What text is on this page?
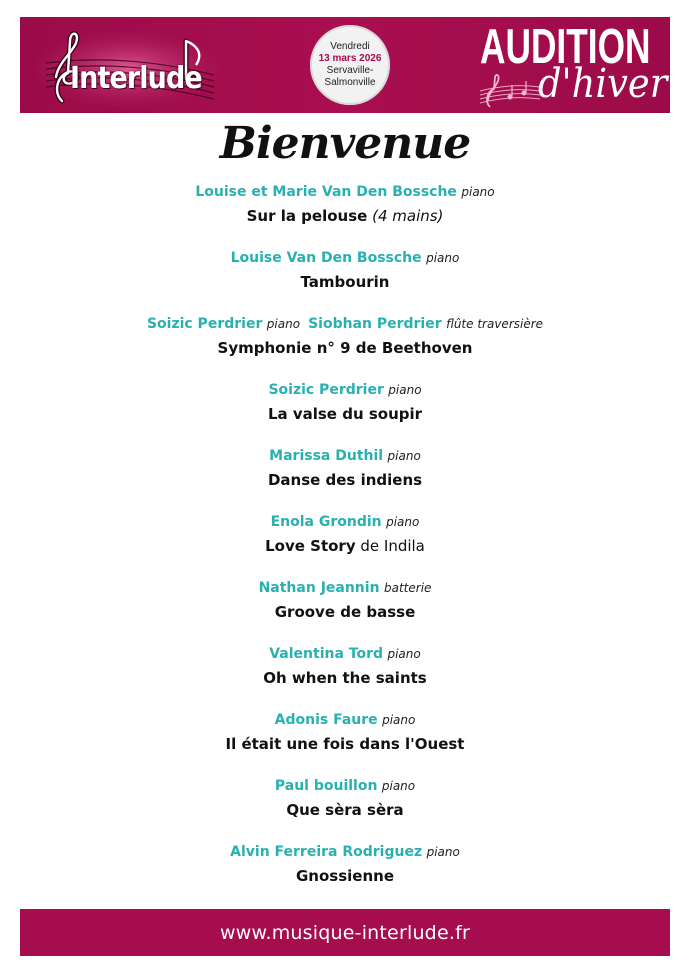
Interlude
Vendredi
13 mars 2026
Servaville-
Salmonville
AUDITION
d'hiver
Bienvenue
Louise et Marie Van Den Bossche piano
Sur la pelouse (4 mains)
Louise Van Den Bossche piano
Tambourin
Soizic Perdrier piano Siobhan Perdrier flûte traversière
Symphonie n° 9 de Beethoven
Soizic Perdrier piano
La valse du soupir
Marissa Duthil piano
Danse des indiens
Enola Grondin piano
Love Story de Indila
Nathan Jeannin batterie
Groove de basse
Valentina Tord piano
Oh when the saints
Adonis Faure piano
Il était une fois dans l'Ouest
Paul bouillon piano
Que sèra sèra
Alvin Ferreira Rodriguez piano
Gnossienne
www.musique-interlude.fr
